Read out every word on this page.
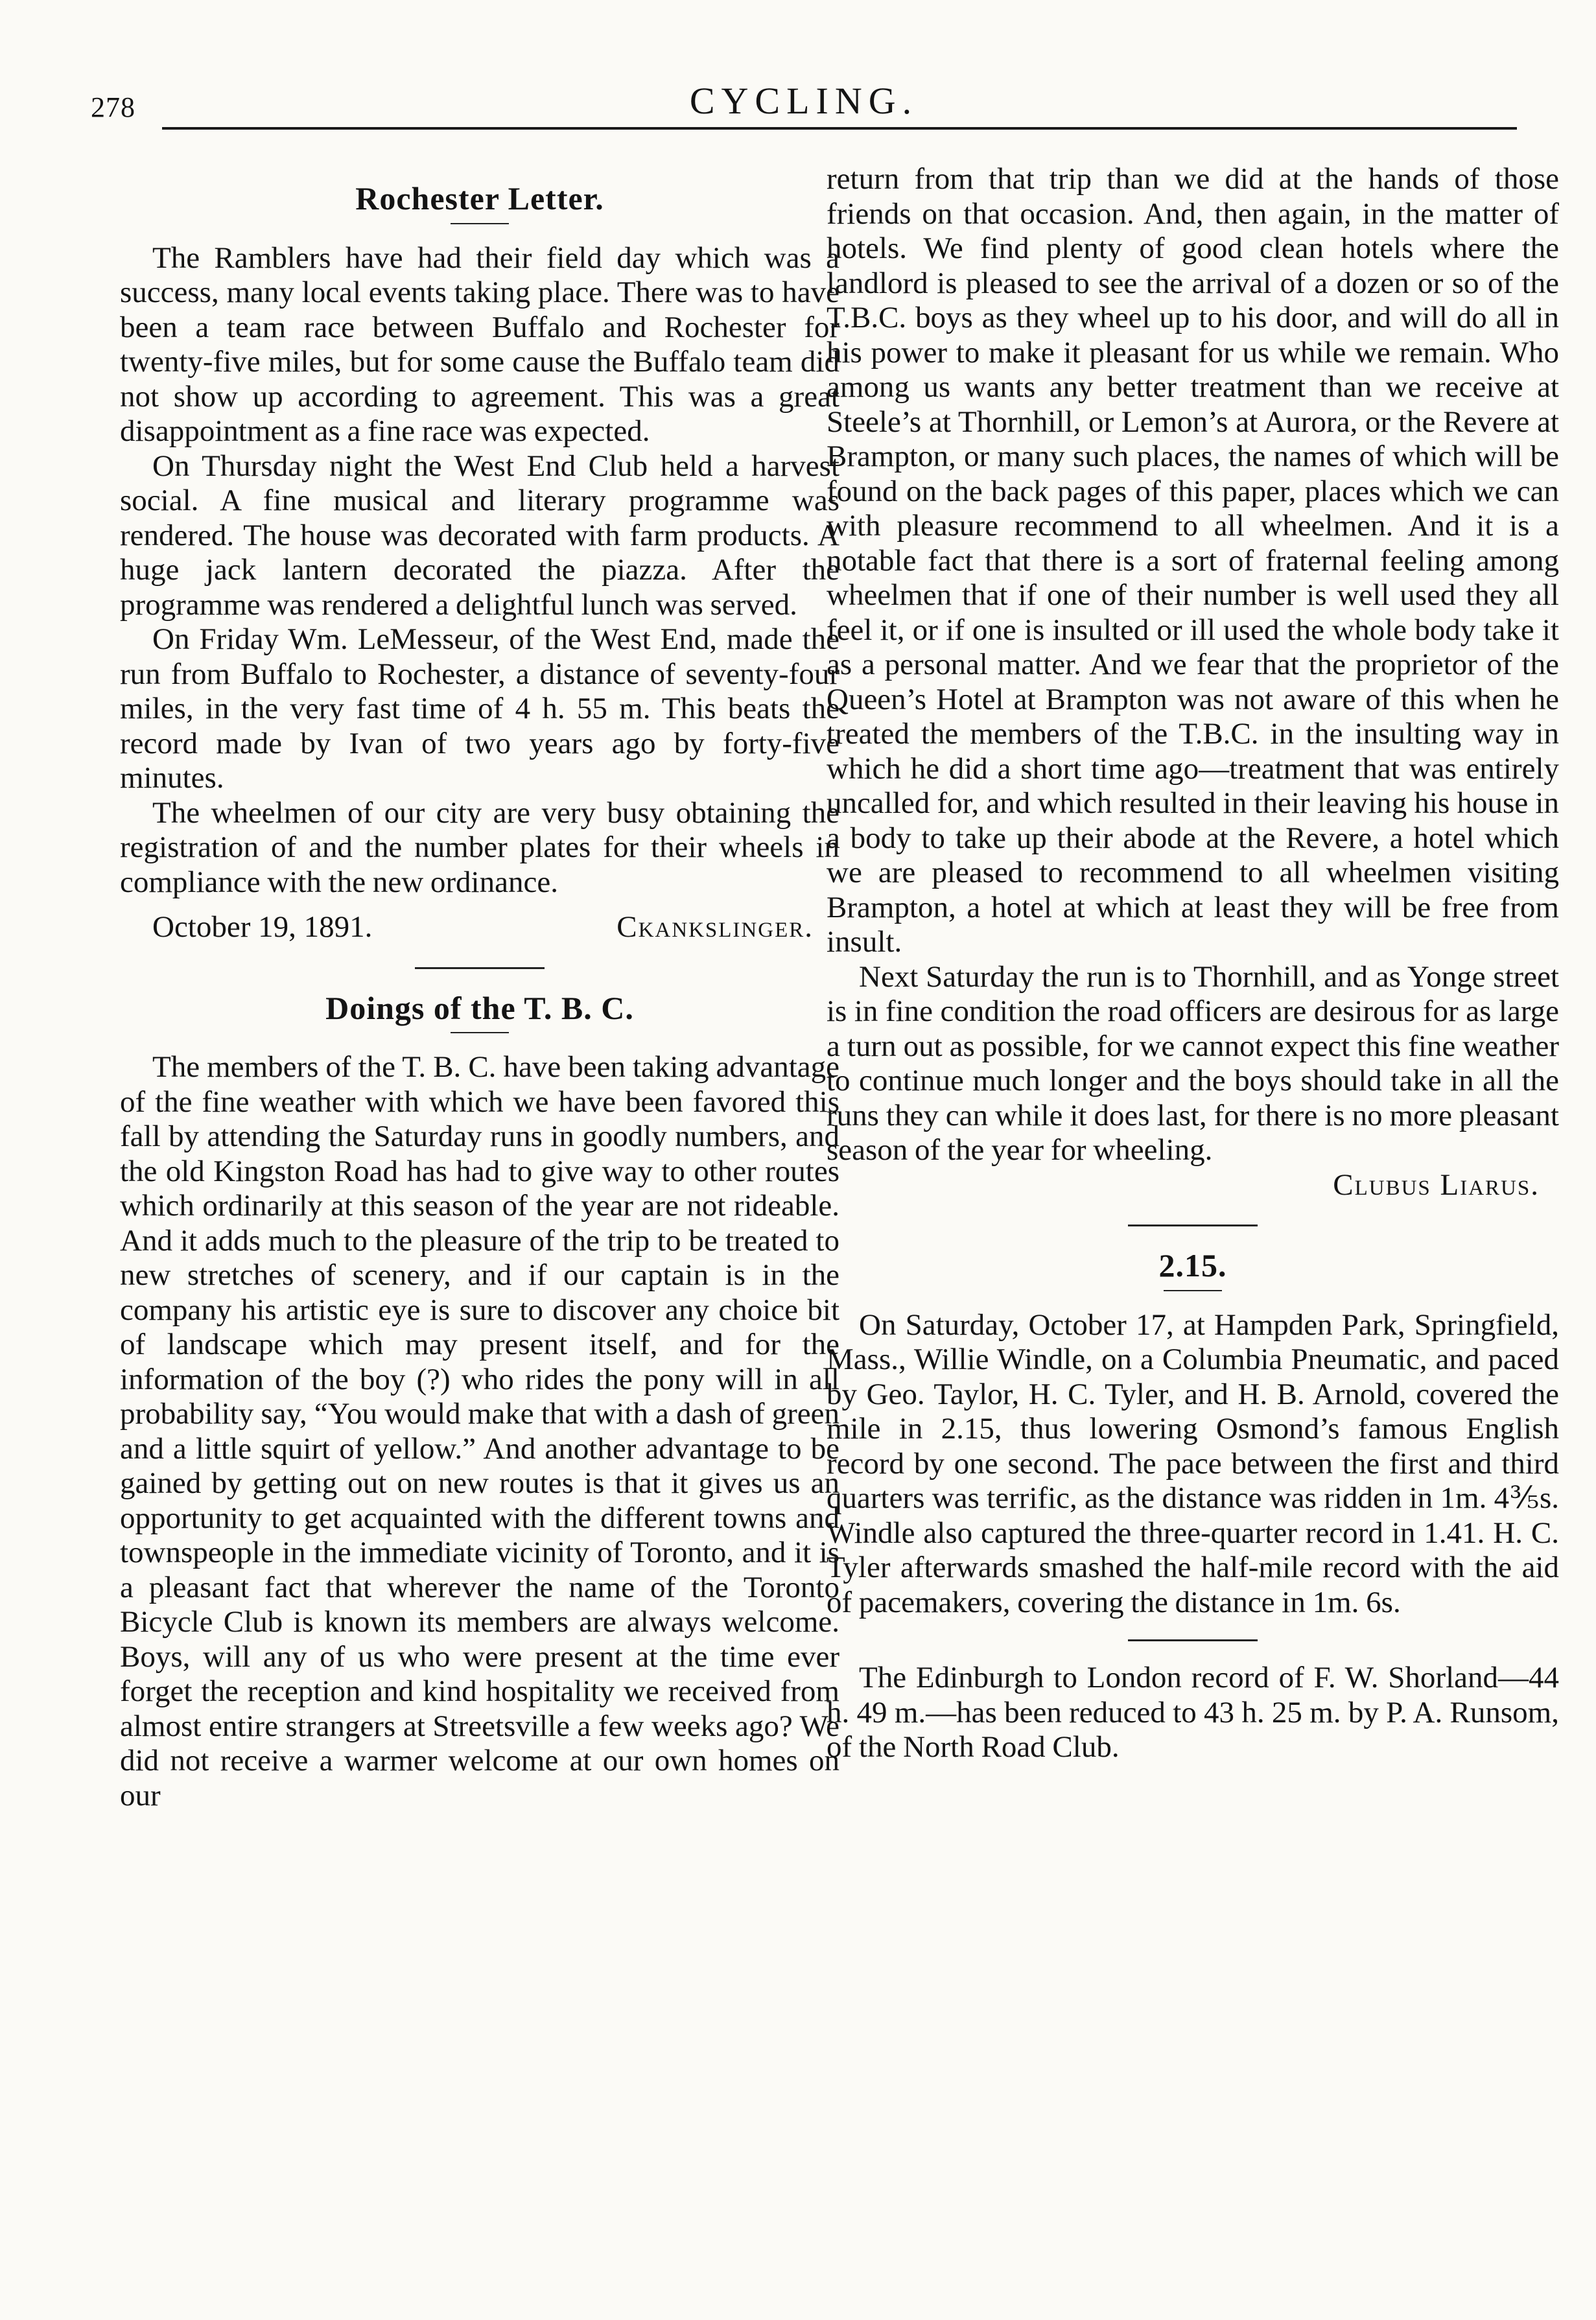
278	CYCLING.
Rochester Letter.

The Ramblers have had their field day which was a success, many local events taking place. There was to have been a team race between Buffalo and Rochester for twenty-five miles, but for some cause the Buffalo team did not show up according to agreement. This was a great disappointment as a fine race was expected.

On Thursday night the West End Club held a harvest social. A fine musical and literary programme was rendered. The house was decorated with farm products. A huge jack lantern decorated the piazza. After the programme was rendered a delightful lunch was served.

On Friday Wm. LeMesseur, of the West End, made the run from Buffalo to Rochester, a distance of seventy-four miles, in the very fast time of 4 h. 55 m. This beats the record made by Ivan of two years ago by forty-five minutes.

The wheelmen of our city are very busy obtaining the registration of and the number plates for their wheels in compliance with the new ordinance.

October 19, 1891.	Ckankslinger.
Doings of the T. B. C.

The members of the T. B. C. have been taking advantage of the fine weather with which we have been favored this fall by attending the Saturday runs in goodly numbers, and the old Kingston Road has had to give way to other routes which ordinarily at this season of the year are not rideable. And it adds much to the pleasure of the trip to be treated to new stretches of scenery, and if our captain is in the company his artistic eye is sure to discover any choice bit of landscape which may present itself, and for the information of the boy (?) who rides the pony will in all probability say, “You would make that with a dash of green and a little squirt of yellow.” And another advantage to be gained by getting out on new routes is that it gives us an opportunity to get acquainted with the different towns and townspeople in the immediate vicinity of Toronto, and it is a pleasant fact that wherever the name of the Toronto Bicycle Club is known its members are always welcome. Boys, will any of us who were present at the time ever forget the reception and kind hospitality we received from almost entire strangers at Streetsville a few weeks ago? We did not receive a warmer welcome at our own homes on our

return from that trip than we did at the hands of those friends on that occasion. And, then again, in the matter of hotels. We find plenty of good clean hotels where the landlord is pleased to see the arrival of a dozen or so of the T.B.C. boys as they wheel up to his door, and will do all in his power to make it pleasant for us while we remain. Who among us wants any better treatment than we receive at Steele’s at Thornhill, or Lemon’s at Aurora, or the Revere at Brampton, or many such places, the names of which will be found on the back pages of this paper, places which we can with pleasure recommend to all wheelmen. And it is a notable fact that there is a sort of fraternal feeling among wheelmen that if one of their number is well used they all feel it, or if one is insulted or ill used the whole body take it as a personal matter. And we fear that the proprietor of the Queen’s Hotel at Brampton was not aware of this when he treated the members of the T.B.C. in the insulting way in which he did a short time ago—treatment that was entirely uncalled for, and which resulted in their leaving his house in a body to take up their abode at the Revere, a hotel which we are pleased to recommend to all wheelmen visiting Brampton, a hotel at which at least they will be free from insult.

Next Saturday the run is to Thornhill, and as Yonge street is in fine condition the road officers are desirous for as large a turn out as possible, for we cannot expect this fine weather to continue much longer and the boys should take in all the runs they can while it does last, for there is no more pleasant season of the year for wheeling.

Clubus Liarus.
2.15.

On Saturday, October 17, at Hampden Park, Springfield, Mass., Willie Windle, on a Columbia Pneumatic, and paced by Geo. Taylor, H. C. Tyler, and H. B. Arnold, covered the mile in 2.15, thus lowering Osmond’s famous English record by one second. The pace between the first and third quarters was terrific, as the distance was ridden in 1m. 4⅗s. Windle also captured the three-quarter record in 1.41. H. C. Tyler afterwards smashed the half-mile record with the aid of pacemakers, covering the distance in 1m. 6s.

The Edinburgh to London record of F. W. Shorland—44 h. 49 m.—has been reduced to 43 h. 25 m. by P. A. Runsom, of the North Road Club.
